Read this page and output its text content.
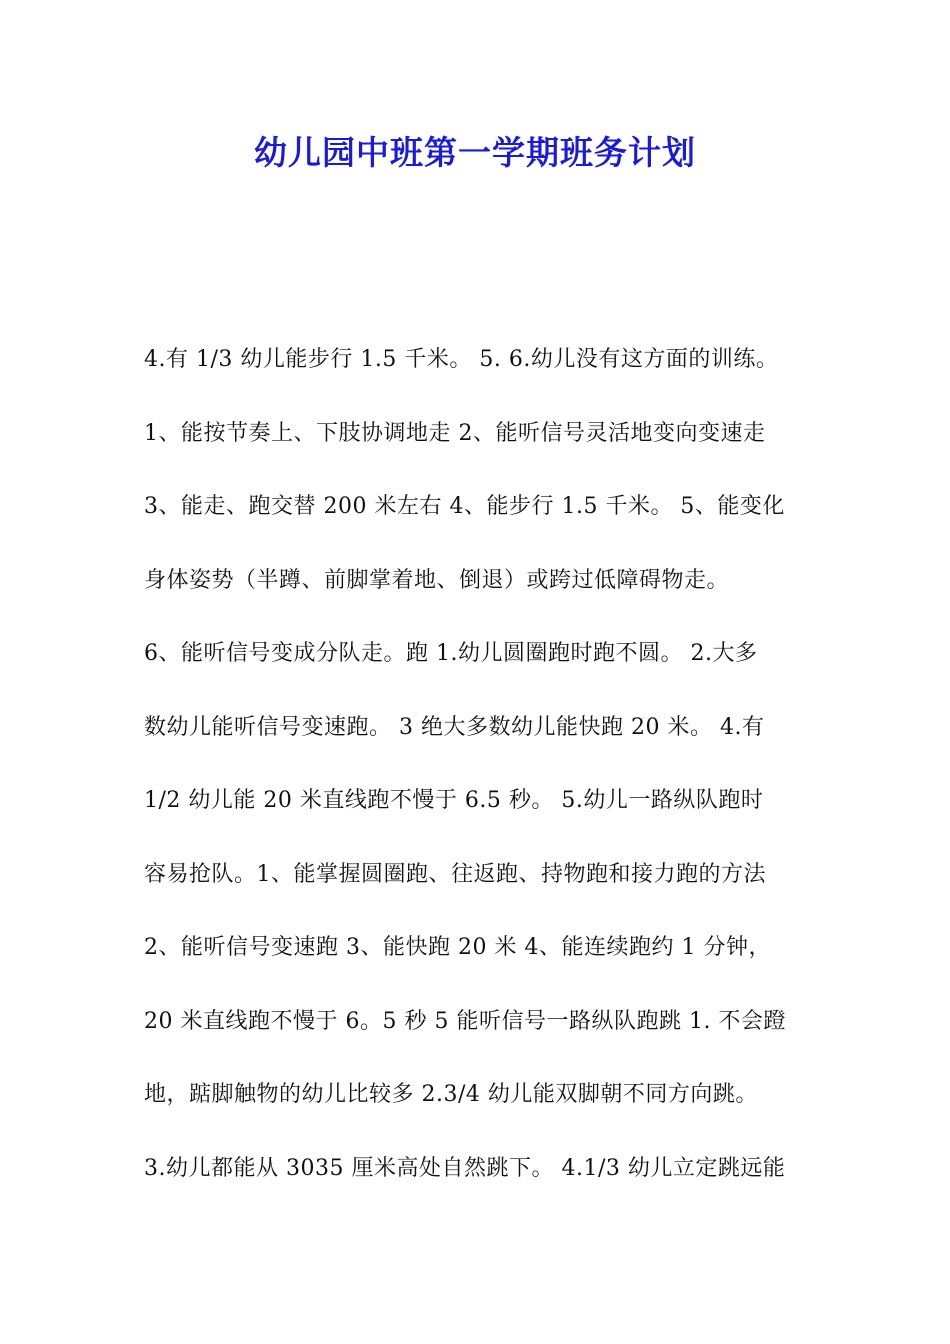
幼儿园中班第一学期班务计划
4.有 1/3 幼儿能步行 1.5 千米。 5. 6.幼儿没有这方面的训练。
1、能按节奏上、下肢协调地走 2、能听信号灵活地变向变速走
3、能走、跑交替 200 米左右 4、能步行 1.5 千米。 5、能变化
身体姿势（半蹲、前脚掌着地、倒退）或跨过低障碍物走。
6、能听信号变成分队走。跑 1.幼儿圆圈跑时跑不圆。 2.大多
数幼儿能听信号变速跑。 3 绝大多数幼儿能快跑 20 米。 4.有
1/2 幼儿能 20 米直线跑不慢于 6.5 秒。 5.幼儿一路纵队跑时
容易抢队。1、能掌握圆圈跑、往返跑、持物跑和接力跑的方法
2、能听信号变速跑 3、能快跑 20 米 4、能连续跑约 1 分钟，
20 米直线跑不慢于 6。5 秒 5 能听信号一路纵队跑跳 1. 不会蹬
地，踮脚触物的幼儿比较多 2.3/4 幼儿能双脚朝不同方向跳。
3.幼儿都能从 3035 厘米高处自然跳下。 4.1/3 幼儿立定跳远能
